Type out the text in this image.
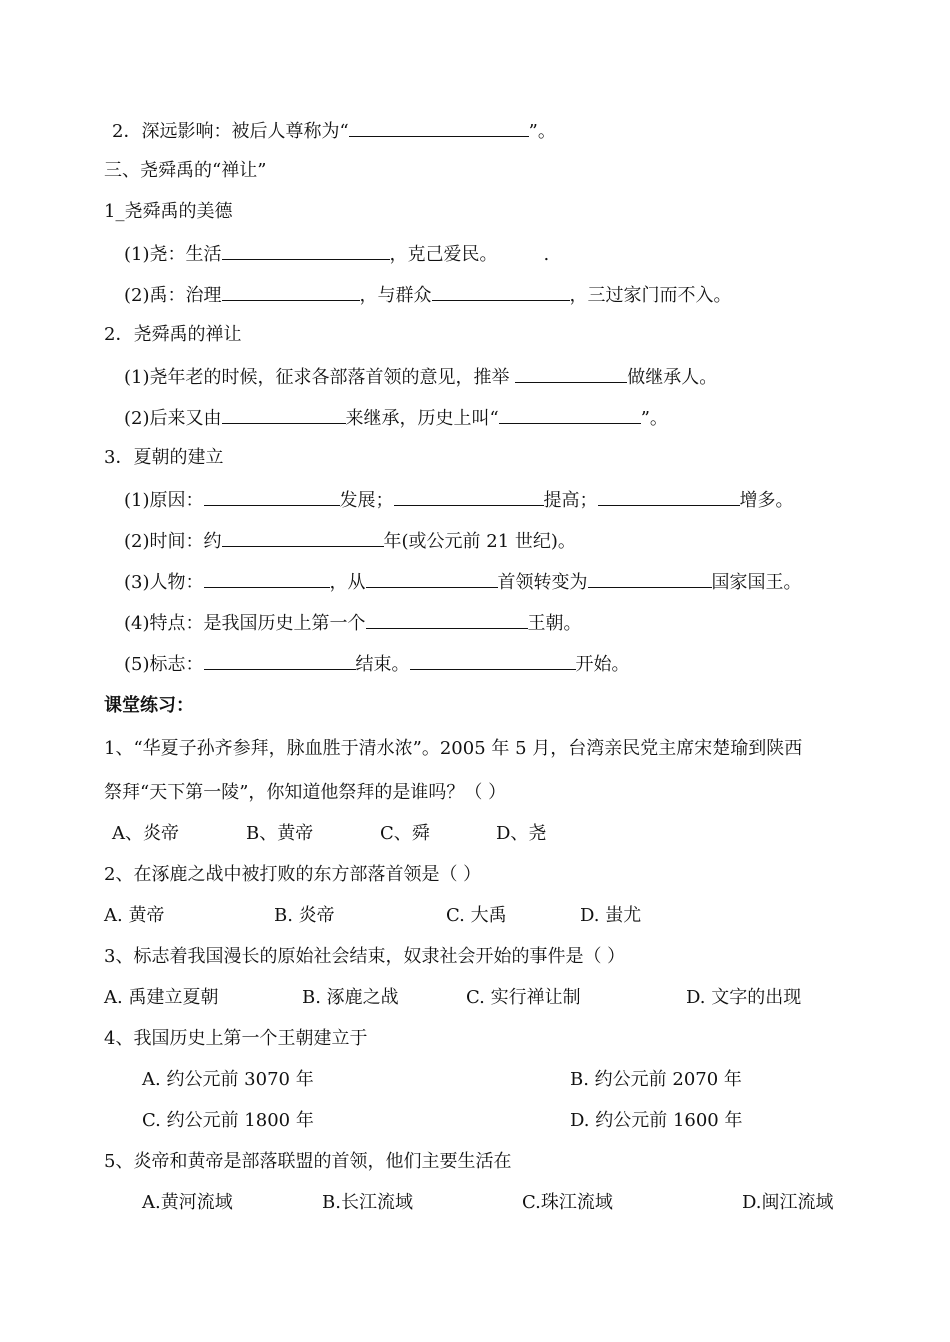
2．深远影响：被后人尊称为“	”。
三、尧舜禹的“禅让”
1_尧舜禹的美德
(1)尧：生活	，克己爱民。	.
(2)禹：治理	，与群众	，三过家门而不入。
2．尧舜禹的禅让
(1)尧年老的时候，征求各部落首领的意见，推举	做继承人。
(2)后来又由	来继承，历史上叫“	”。
3．夏朝的建立
(1)原因：	发展；	提高；	增多。
(2)时间：约	年(或公元前 21 世纪)。
(3)人物：	，从	首领转变为	国家国王。
(4)特点：是我国历史上第一个	王朝。
(5)标志：	结束。	开始。
课堂练习：
1、“华夏子孙齐参拜，脉血胜于清水浓”。2005 年 5 月，台湾亲民党主席宋楚瑜到陕西
祭拜“天下第一陵”，你知道他祭拜的是谁吗？（ ）
A、炎帝	B、黄帝	C、舜	D、尧
2、在涿鹿之战中被打败的东方部落首领是（ ）
A. 黄帝	B. 炎帝	C. 大禹	D. 蚩尤
3、标志着我国漫长的原始社会结束，奴隶社会开始的事件是（ ）
A. 禹建立夏朝	B. 涿鹿之战	C. 实行禅让制	D. 文字的出现
4、我国历史上第一个王朝建立于
A. 约公元前 3070 年	B. 约公元前 2070 年
C. 约公元前 1800 年	D. 约公元前 1600 年
5、炎帝和黄帝是部落联盟的首领，他们主要生活在
A.黄河流域	B.长江流域	C.珠江流域	D.闽江流域
